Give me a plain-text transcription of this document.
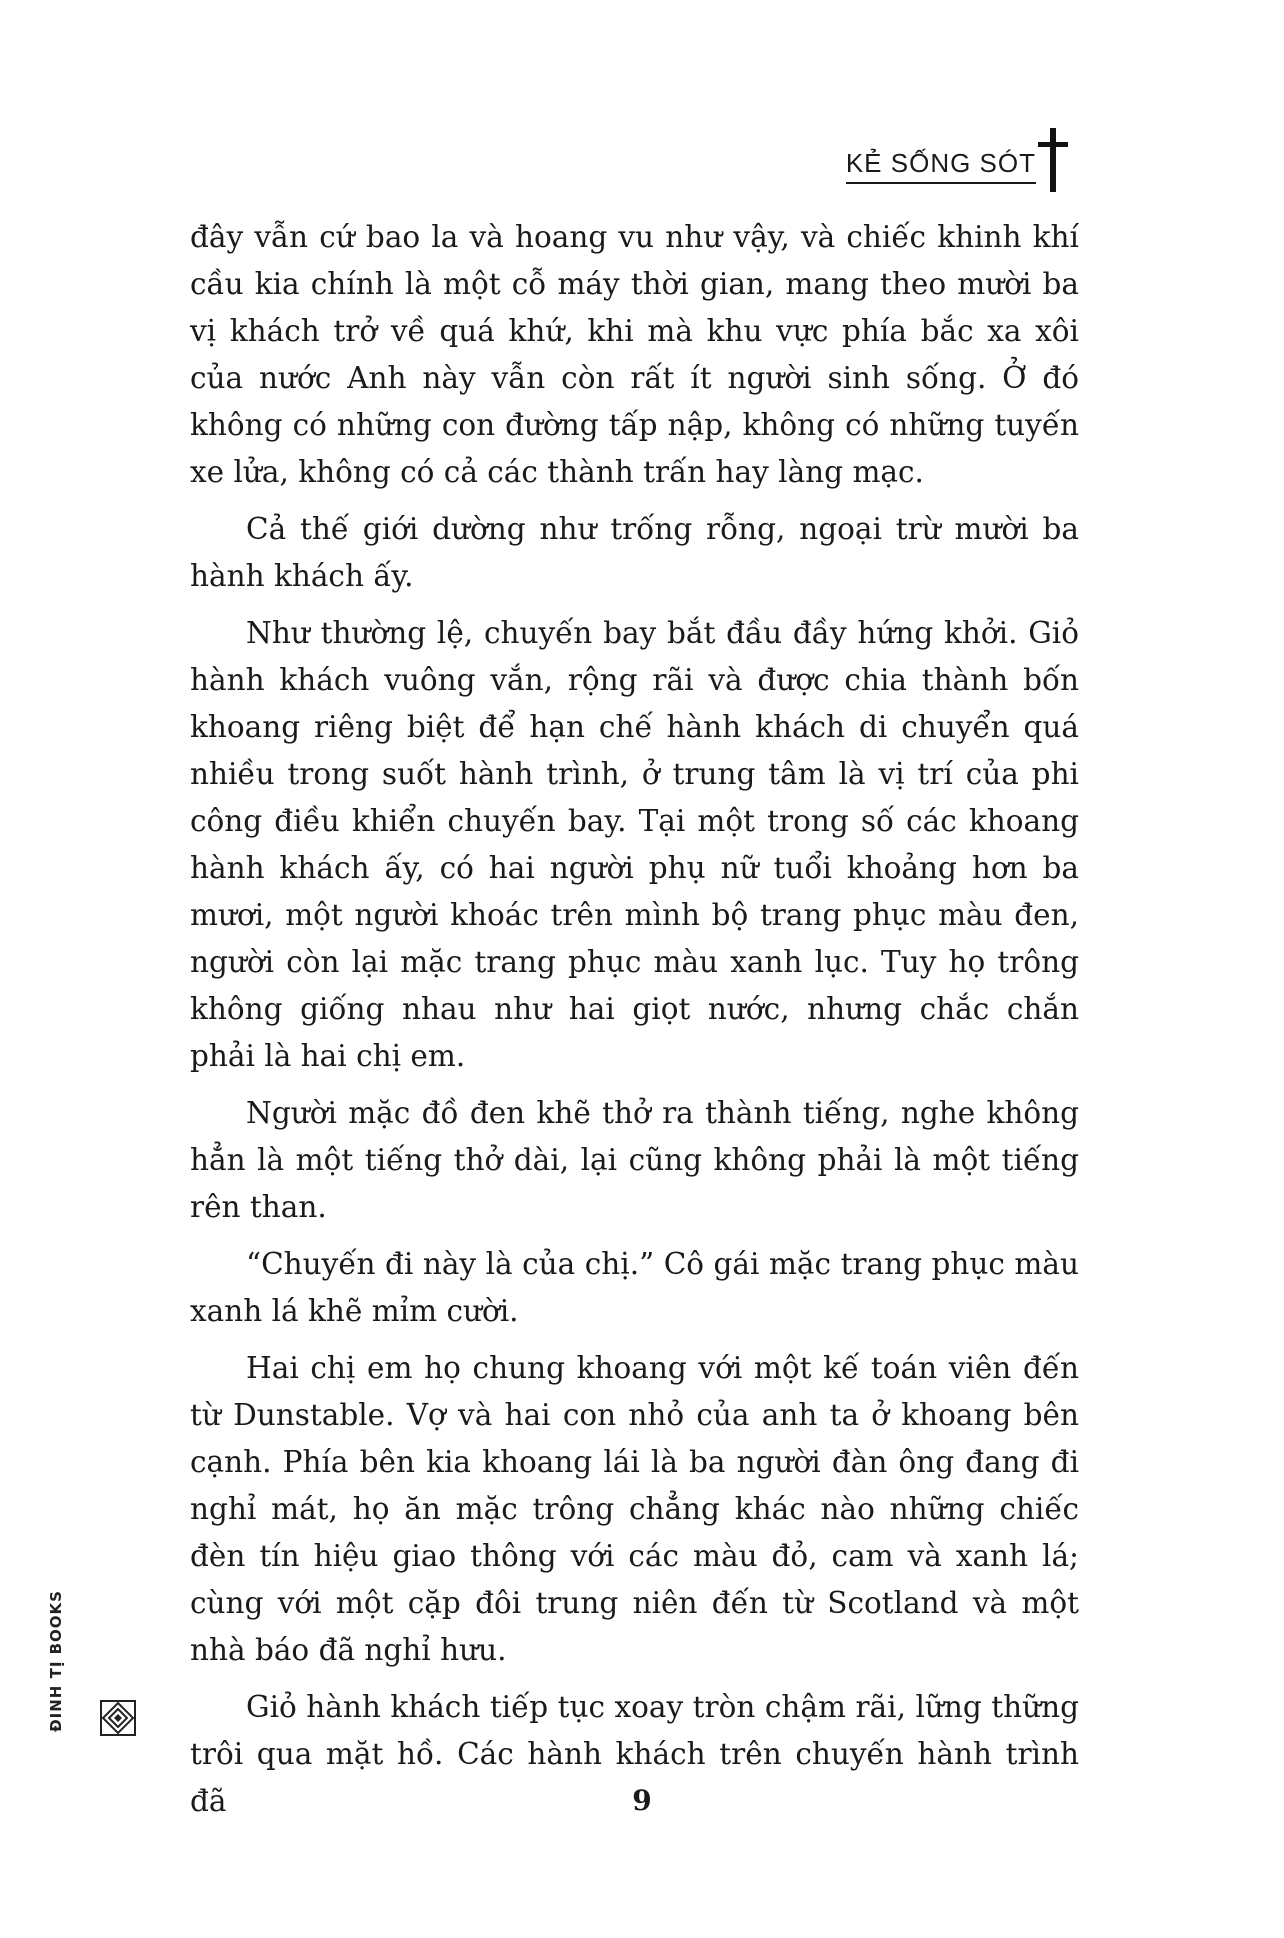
KẺ SỐNG SÓT

đây vẫn cứ bao la và hoang vu như vậy, và chiếc khinh khí cầu kia chính là một cỗ máy thời gian, mang theo mười ba vị khách trở về quá khứ, khi mà khu vực phía bắc xa xôi của nước Anh này vẫn còn rất ít người sinh sống. Ở đó không có những con đường tấp nập, không có những tuyến xe lửa, không có cả các thành trấn hay làng mạc.

Cả thế giới dường như trống rỗng, ngoại trừ mười ba hành khách ấy.

Như thường lệ, chuyến bay bắt đầu đầy hứng khởi. Giỏ hành khách vuông vắn, rộng rãi và được chia thành bốn khoang riêng biệt để hạn chế hành khách di chuyển quá nhiều trong suốt hành trình, ở trung tâm là vị trí của phi công điều khiển chuyến bay. Tại một trong số các khoang hành khách ấy, có hai người phụ nữ tuổi khoảng hơn ba mươi, một người khoác trên mình bộ trang phục màu đen, người còn lại mặc trang phục màu xanh lục. Tuy họ trông không giống nhau như hai giọt nước, nhưng chắc chắn phải là hai chị em.

Người mặc đồ đen khẽ thở ra thành tiếng, nghe không hẳn là một tiếng thở dài, lại cũng không phải là một tiếng rên than.

“Chuyến đi này là của chị.” Cô gái mặc trang phục màu xanh lá khẽ mỉm cười.

Hai chị em họ chung khoang với một kế toán viên đến từ Dunstable. Vợ và hai con nhỏ của anh ta ở khoang bên cạnh. Phía bên kia khoang lái là ba người đàn ông đang đi nghỉ mát, họ ăn mặc trông chẳng khác nào những chiếc đèn tín hiệu giao thông với các màu đỏ, cam và xanh lá; cùng với một cặp đôi trung niên đến từ Scotland và một nhà báo đã nghỉ hưu.

Giỏ hành khách tiếp tục xoay tròn chậm rãi, lững thững trôi qua mặt hồ. Các hành khách trên chuyến hành trình đã

ĐINH TỊ BOOKS
9
